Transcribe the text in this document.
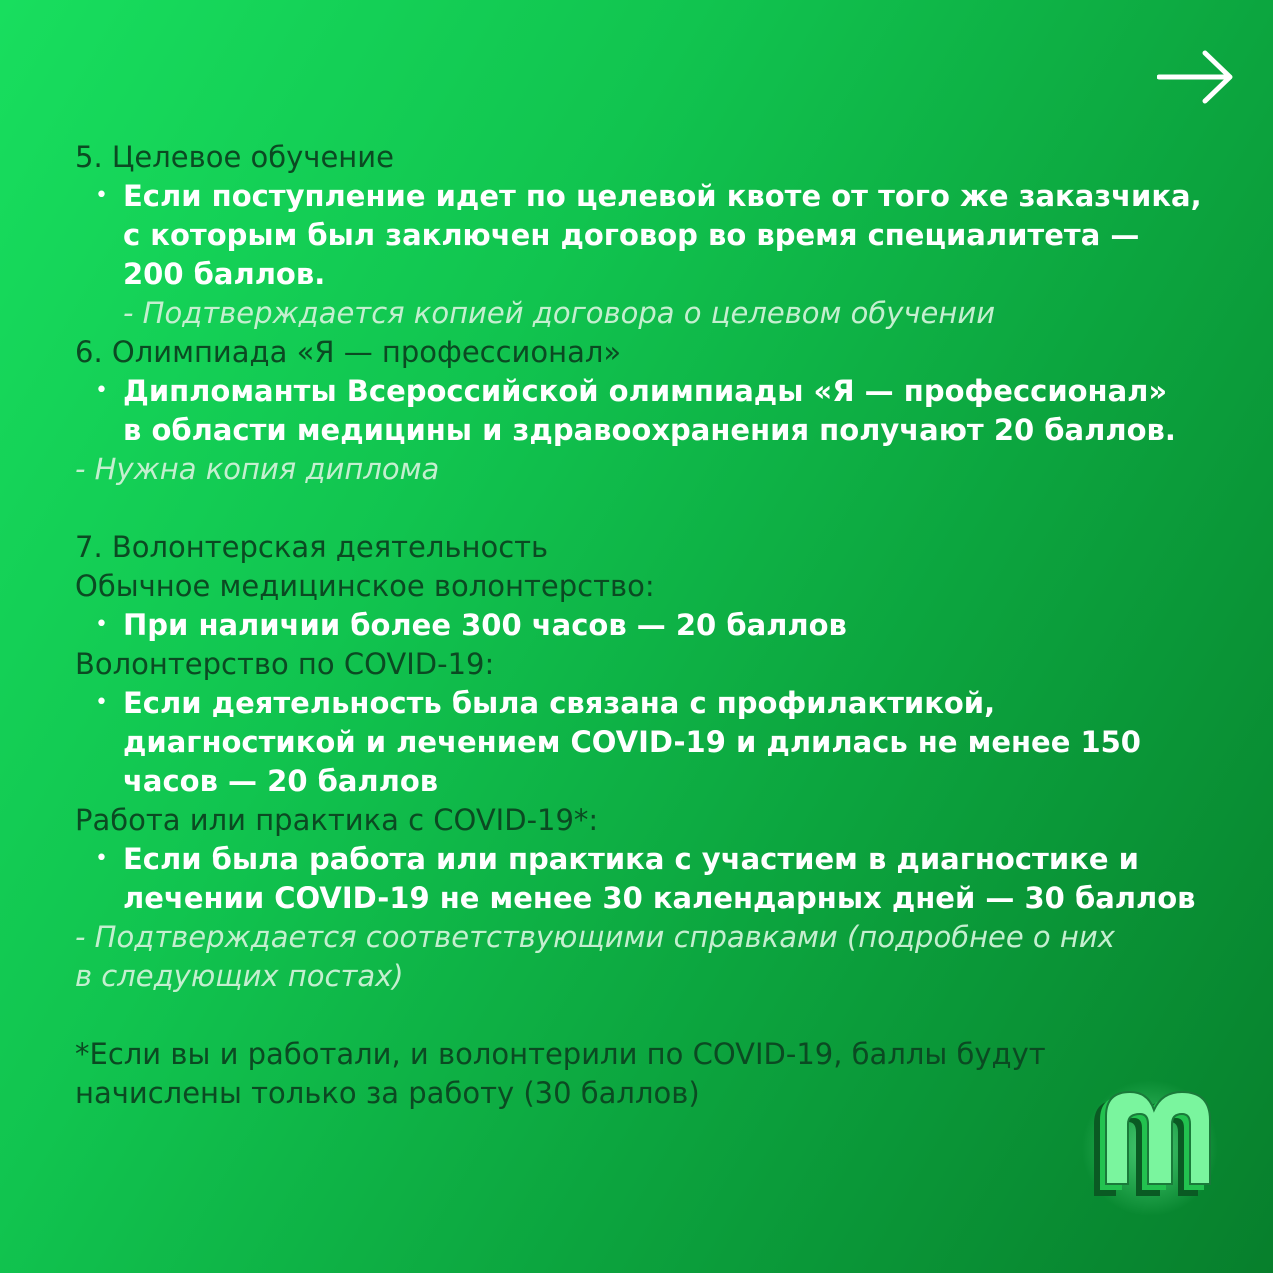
5. Целевое обучение
• Если поступление идет по целевой квоте от того же заказчика,
с которым был заключен договор во время специалитета —
200 баллов.
- Подтверждается копией договора о целевом обучении
6. Олимпиада «Я — профессионал»
• Дипломанты Всероссийской олимпиады «Я — профессионал»
в области медицины и здравоохранения получают 20 баллов.
- Нужна копия диплома
7. Волонтерская деятельность
Обычное медицинское волонтерство:
• При наличии более 300 часов — 20 баллов
Волонтерство по COVID-19:
• Если деятельность была связана с профилактикой,
диагностикой и лечением COVID-19 и длилась не менее 150
часов — 20 баллов
Работа или практика с COVID-19*:
• Если была работа или практика с участием в диагностике и
лечении COVID-19 не менее 30 календарных дней — 30 баллов
- Подтверждается соответствующими справками (подробнее о них
в следующих постах)
*Если вы и работали, и волонтерили по COVID-19, баллы будут
начислены только за работу (30 баллов)
